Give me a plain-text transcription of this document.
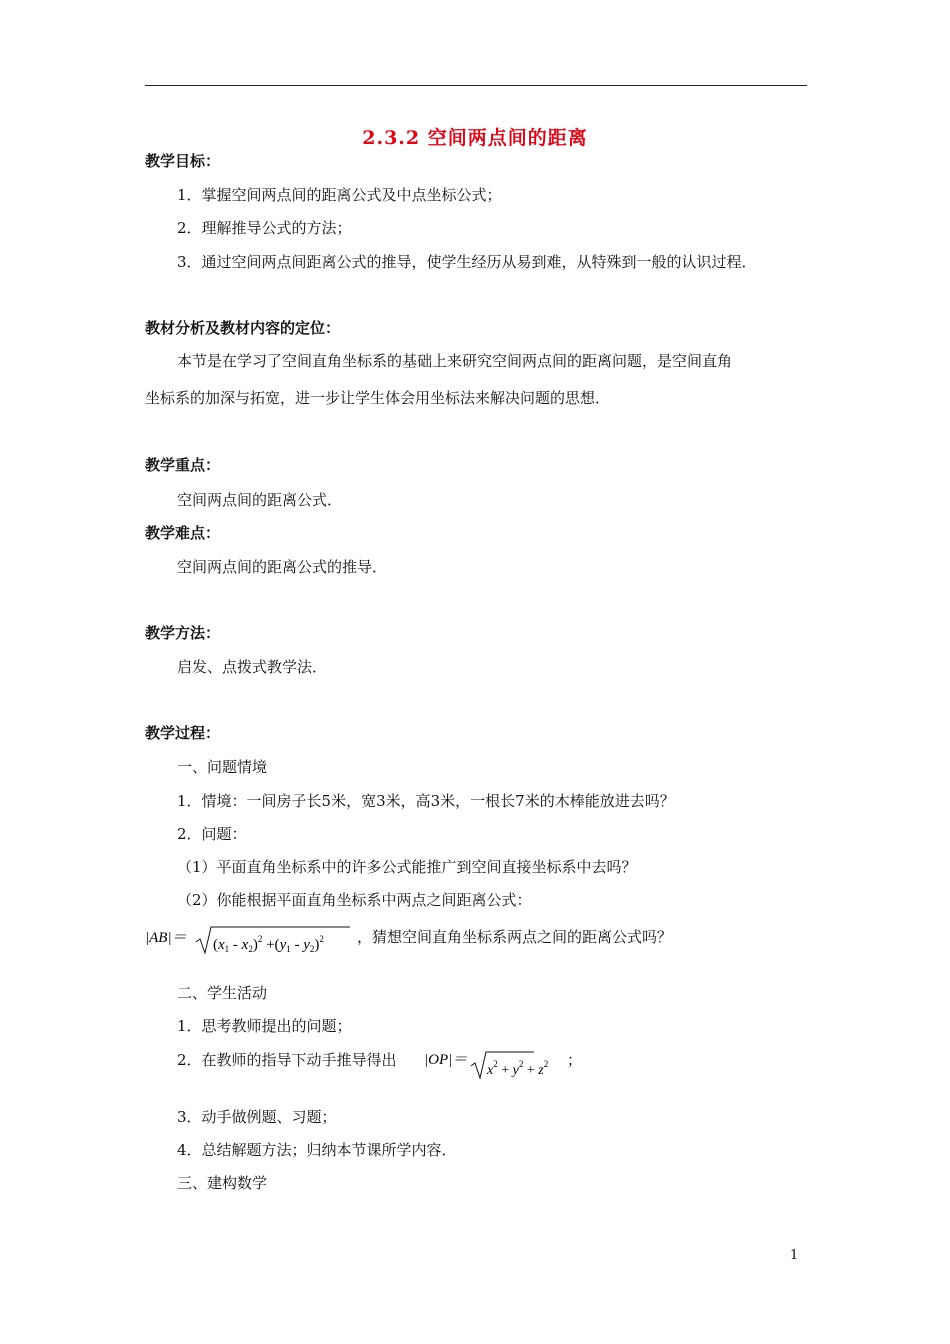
2.3.2 空间两点间的距离
教学目标：
1．掌握空间两点间的距离公式及中点坐标公式；
2．理解推导公式的方法；
3．通过空间两点间距离公式的推导，使学生经历从易到难，从特殊到一般的认识过程．
教材分析及教材内容的定位：
本节是在学习了空间直角坐标系的基础上来研究空间两点间的距离问题，是空间直角
坐标系的加深与拓宽，进一步让学生体会用坐标法来解决问题的思想．
教学重点：
空间两点间的距离公式．
教学难点：
空间两点间的距离公式的推导．
教学方法：
启发、点拨式教学法．
教学过程：
一、问题情境
1．情境：一间房子长5米，宽3米，高3米，一根长7米的木棒能放进去吗？
2．问题：
（1）平面直角坐标系中的许多公式能推广到空间直接坐标系中去吗？
（2）你能根据平面直角坐标系中两点之间距离公式：
$|AB|= (x_1 - x_2)^2 +(y_1 - y_2)^2$ ，猜想空间直角坐标系两点之间的距离公式吗？
二、学生活动
1．思考教师提出的问题；
2．在教师的指导下动手推导得出 |OP|＝
$x^2 + y^2 + z^2$ ；
3．动手做例题、习题；
4．总结解题方法；归纳本节课所学内容．
三、建构数学
1
